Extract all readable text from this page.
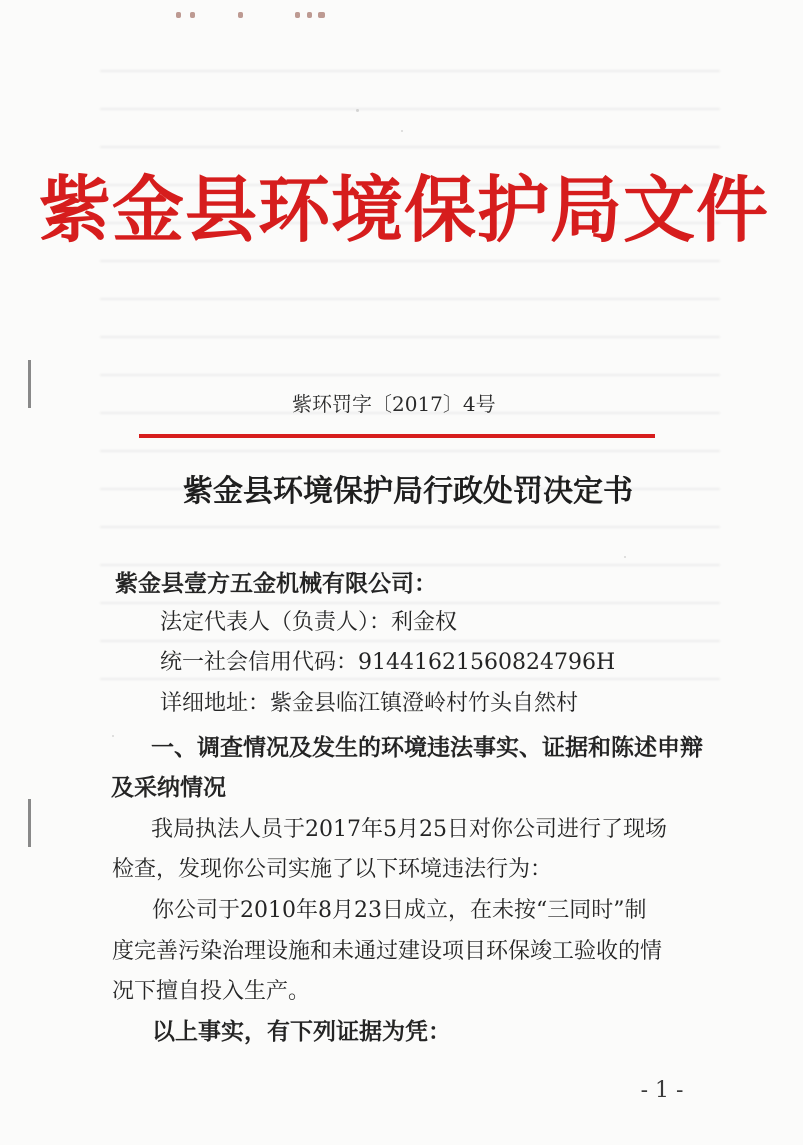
紫金县环境保护局文件
紫环罚字〔2017〕4号
紫金县环境保护局行政处罚决定书
紫金县壹方五金机械有限公司：
法定代表人（负责人）：利金权
统一社会信用代码：91441621560824796H
详细地址：紫金县临江镇澄岭村竹头自然村
一、调查情况及发生的环境违法事实、证据和陈述申辩
及采纳情况
我局执法人员于2017年5月25日对你公司进行了现场
检查，发现你公司实施了以下环境违法行为：
你公司于2010年8月23日成立，在未按“三同时”制
度完善污染治理设施和未通过建设项目环保竣工验收的情
况下擅自投入生产。
以上事实，有下列证据为凭：
- 1 -
